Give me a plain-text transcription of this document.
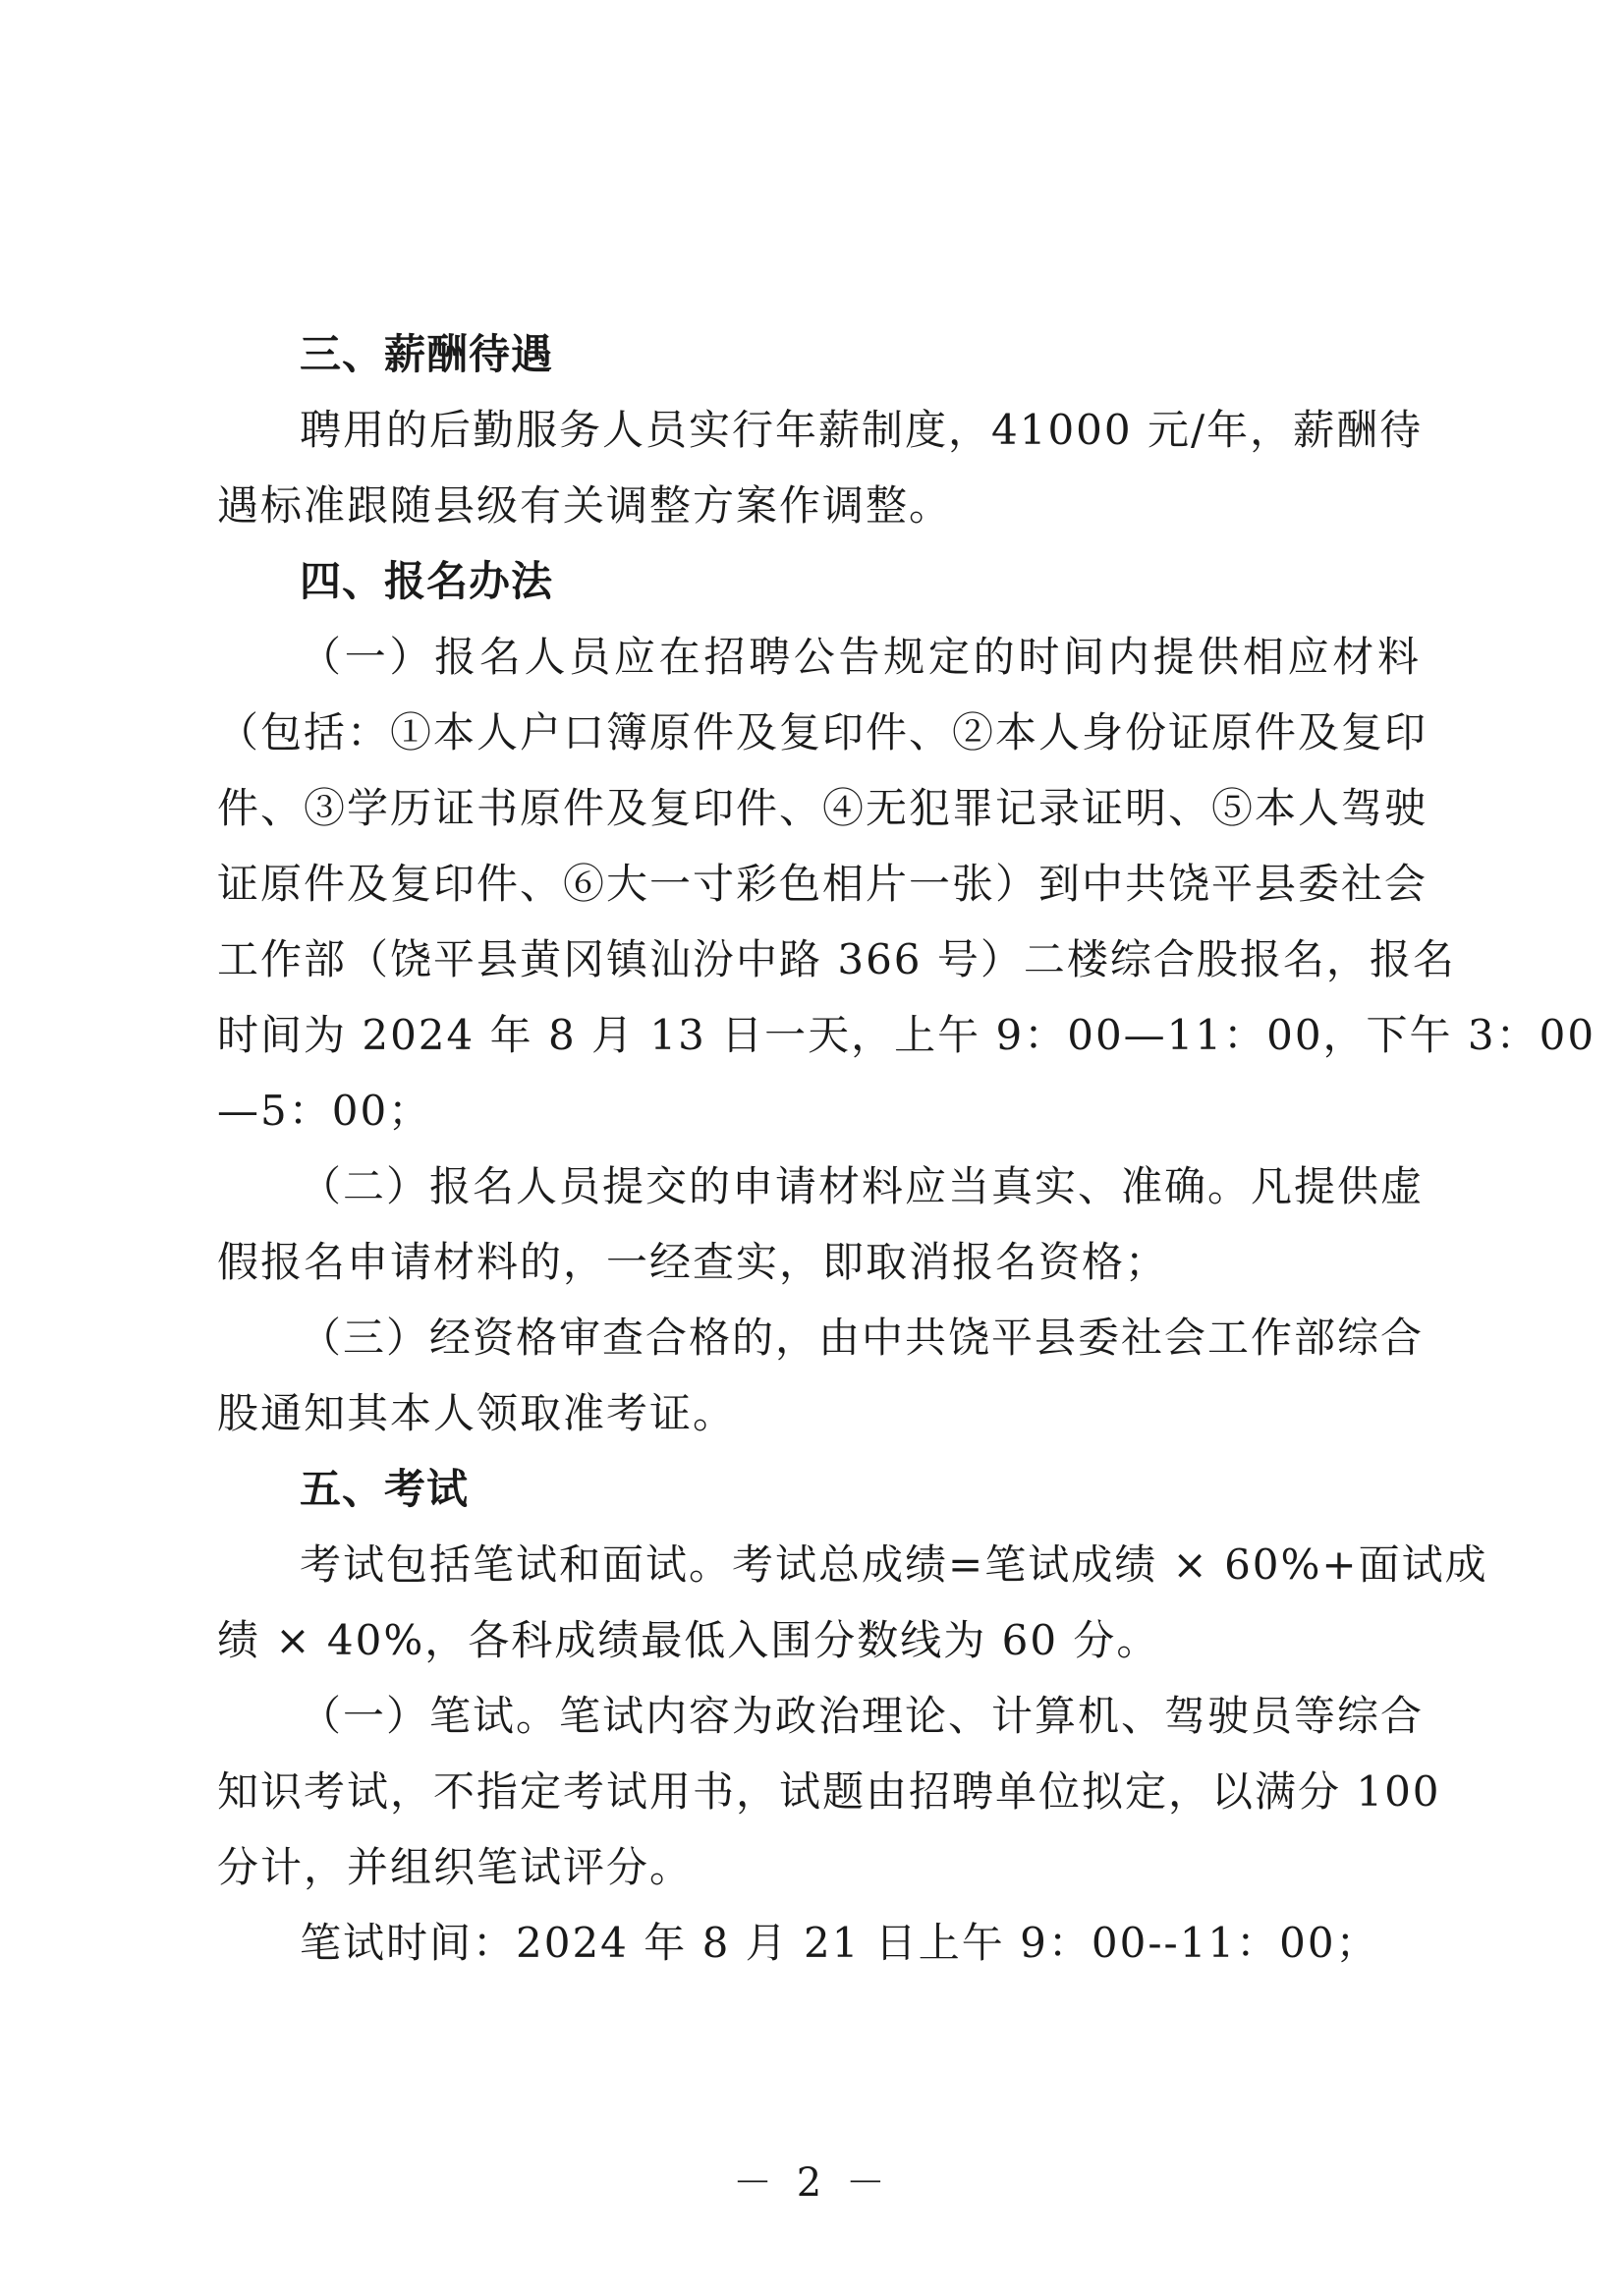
三、薪酬待遇
聘用的后勤服务人员实行年薪制度，41000 元/年，薪酬待
遇标准跟随县级有关调整方案作调整。
四、报名办法
（一）报名人员应在招聘公告规定的时间内提供相应材料
（包括：①本人户口簿原件及复印件、②本人身份证原件及复印
件、③学历证书原件及复印件、④无犯罪记录证明、⑤本人驾驶
证原件及复印件、⑥大一寸彩色相片一张）到中共饶平县委社会
工作部（饶平县黄冈镇汕汾中路 366 号）二楼综合股报名，报名
时间为 2024 年 8 月 13 日一天，上午 9：00—11：00，下午 3：00
—5：00；
（二）报名人员提交的申请材料应当真实、准确。凡提供虚
假报名申请材料的，一经查实，即取消报名资格；
（三）经资格审查合格的，由中共饶平县委社会工作部综合
股通知其本人领取准考证。
五、考试
考试包括笔试和面试。考试总成绩=笔试成绩 × 60%+面试成
绩 × 40%，各科成绩最低入围分数线为 60 分。
（一）笔试。笔试内容为政治理论、计算机、驾驶员等综合
知识考试，不指定考试用书，试题由招聘单位拟定，以满分 100
分计，并组织笔试评分。
笔试时间：2024 年 8 月 21 日上午 9：00--11：00；
－ 2 －
